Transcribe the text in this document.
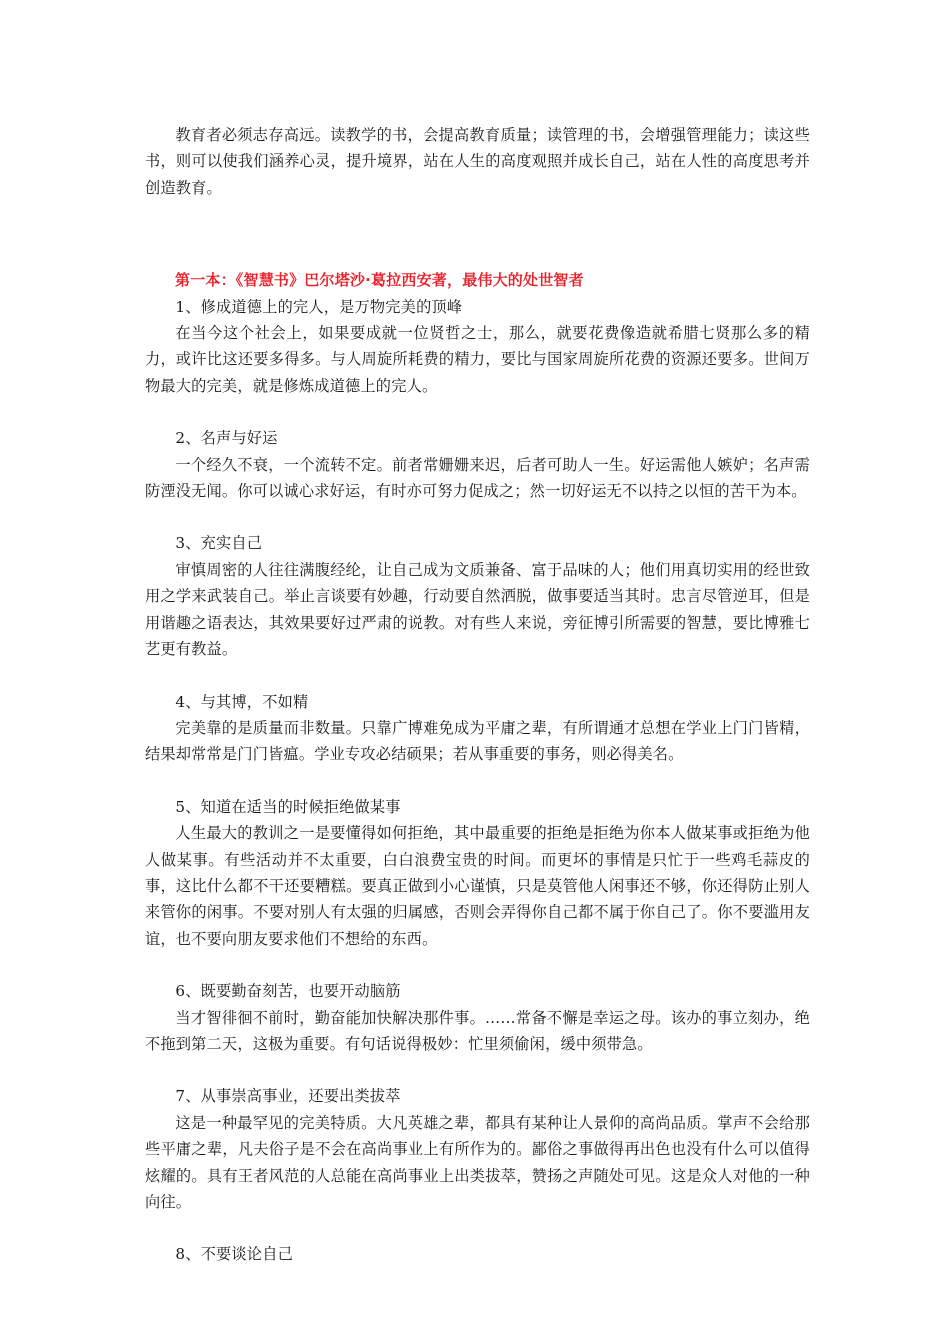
教育者必须志存高远。读教学的书，会提高教育质量；读管理的书，会增强管理能力；读这些书，则可以使我们涵养心灵，提升境界，站在人生的高度观照并成长自己，站在人性的高度思考并创造教育。

第一本：《智慧书》巴尔塔沙·葛拉西安著，最伟大的处世智者

1、修成道德上的完人，是万物完美的顶峰

在当今这个社会上，如果要成就一位贤哲之士，那么，就要花费像造就希腊七贤那么多的精力，或许比这还要多得多。与人周旋所耗费的精力，要比与国家周旋所花费的资源还要多。世间万物最大的完美，就是修炼成道德上的完人。

2、名声与好运

一个经久不衰，一个流转不定。前者常姗姗来迟，后者可助人一生。好运需他人嫉妒；名声需防湮没无闻。你可以诚心求好运，有时亦可努力促成之；然一切好运无不以持之以恒的苦干为本。

3、充实自己

审慎周密的人往往满腹经纶，让自己成为文质兼备、富于品味的人；他们用真切实用的经世致用之学来武装自己。举止言谈要有妙趣，行动要自然洒脱，做事要适当其时。忠言尽管逆耳，但是用谐趣之语表达，其效果要好过严肃的说教。对有些人来说，旁征博引所需要的智慧，要比博雅七艺更有教益。

4、与其博，不如精

完美靠的是质量而非数量。只靠广博难免成为平庸之辈，有所谓通才总想在学业上门门皆精，结果却常常是门门皆瘟。学业专攻必结硕果；若从事重要的事务，则必得美名。

5、知道在适当的时候拒绝做某事

人生最大的教训之一是要懂得如何拒绝，其中最重要的拒绝是拒绝为你本人做某事或拒绝为他人做某事。有些活动并不太重要，白白浪费宝贵的时间。而更坏的事情是只忙于一些鸡毛蒜皮的事，这比什么都不干还要糟糕。要真正做到小心谨慎，只是莫管他人闲事还不够，你还得防止别人来管你的闲事。不要对别人有太强的归属感，否则会弄得你自己都不属于你自己了。你不要滥用友谊，也不要向朋友要求他们不想给的东西。

6、既要勤奋刻苦，也要开动脑筋

当才智徘徊不前时，勤奋能加快解决那件事。……常备不懈是幸运之母。该办的事立刻办，绝不拖到第二天，这极为重要。有句话说得极妙：忙里须偷闲，缓中须带急。

7、从事崇高事业，还要出类拔萃

这是一种最罕见的完美特质。大凡英雄之辈，都具有某种让人景仰的高尚品质。掌声不会给那些平庸之辈，凡夫俗子是不会在高尚事业上有所作为的。鄙俗之事做得再出色也没有什么可以值得炫耀的。具有王者风范的人总能在高尚事业上出类拔萃，赞扬之声随处可见。这是众人对他的一种向往。

8、不要谈论自己
